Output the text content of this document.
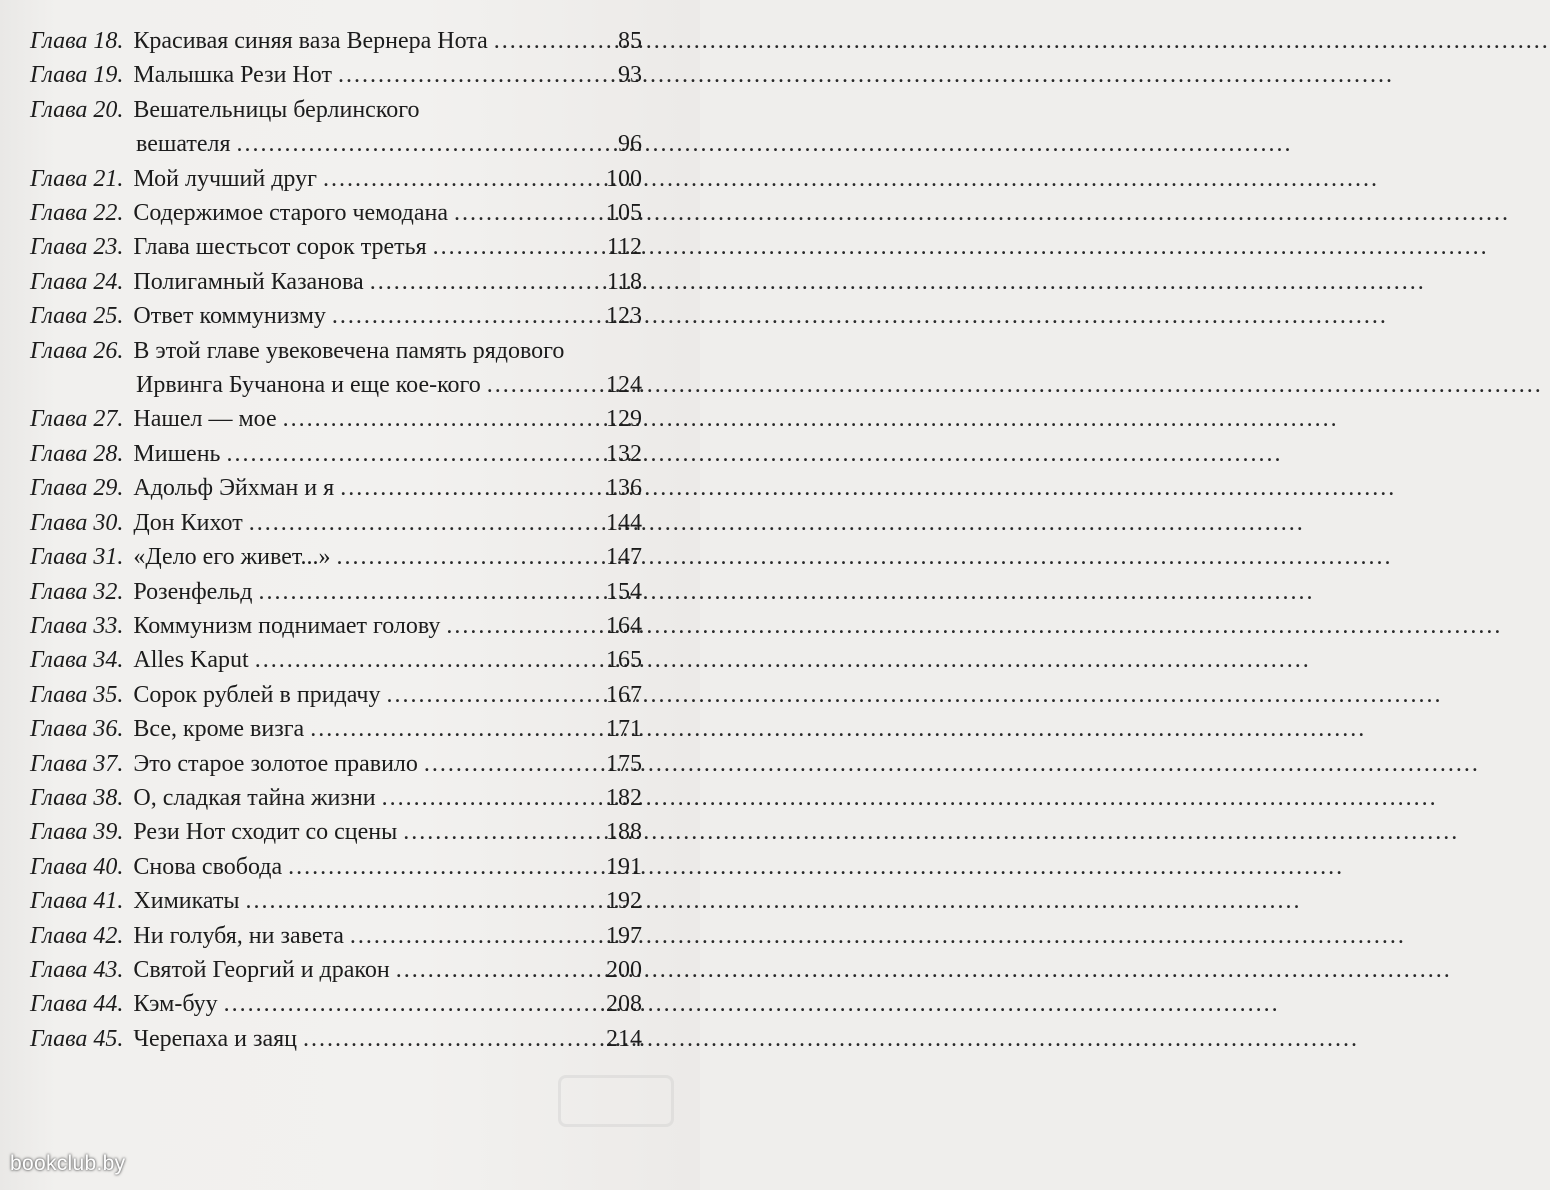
Глава 18. Красивая синяя ваза Вернера Нота .....	85
Глава 19. Малышка Рези Нот .....	93
Глава 20. Вешательницы берлинского
вешателя .....	96
Глава 21. Мой лучший друг .....	100
Глава 22. Содержимое старого чемодана .....	105
Глава 23. Глава шестьсот сорок третья .....	112
Глава 24. Полигамный Казанова .....	118
Глава 25. Ответ коммунизму .....	123
Глава 26. В этой главе увековечена память рядового
Ирвинга Бучанона и еще кое-кого .....	124
Глава 27. Нашел — мое .....	129
Глава 28. Мишень .....	132
Глава 29. Адольф Эйхман и я .....	136
Глава 30. Дон Кихот .....	144
Глава 31. «Дело его живет...» .....	147
Глава 32. Розенфельд .....	154
Глава 33. Коммунизм поднимает голову .....	164
Глава 34. Alles Kaput .....	165
Глава 35. Сорок рублей в придачу .....	167
Глава 36. Все, кроме визга .....	171
Глава 37. Это старое золотое правило .....	175
Глава 38. О, сладкая тайна жизни .....	182
Глава 39. Рези Нот сходит со сцены .....	188
Глава 40. Снова свобода .....	191
Глава 41. Химикаты .....	192
Глава 42. Ни голубя, ни завета .....	197
Глава 43. Святой Георгий и дракон .....	200
Глава 44. Кэм-буу .....	208
Глава 45. Черепаха и заяц .....	214
bookclub.by
